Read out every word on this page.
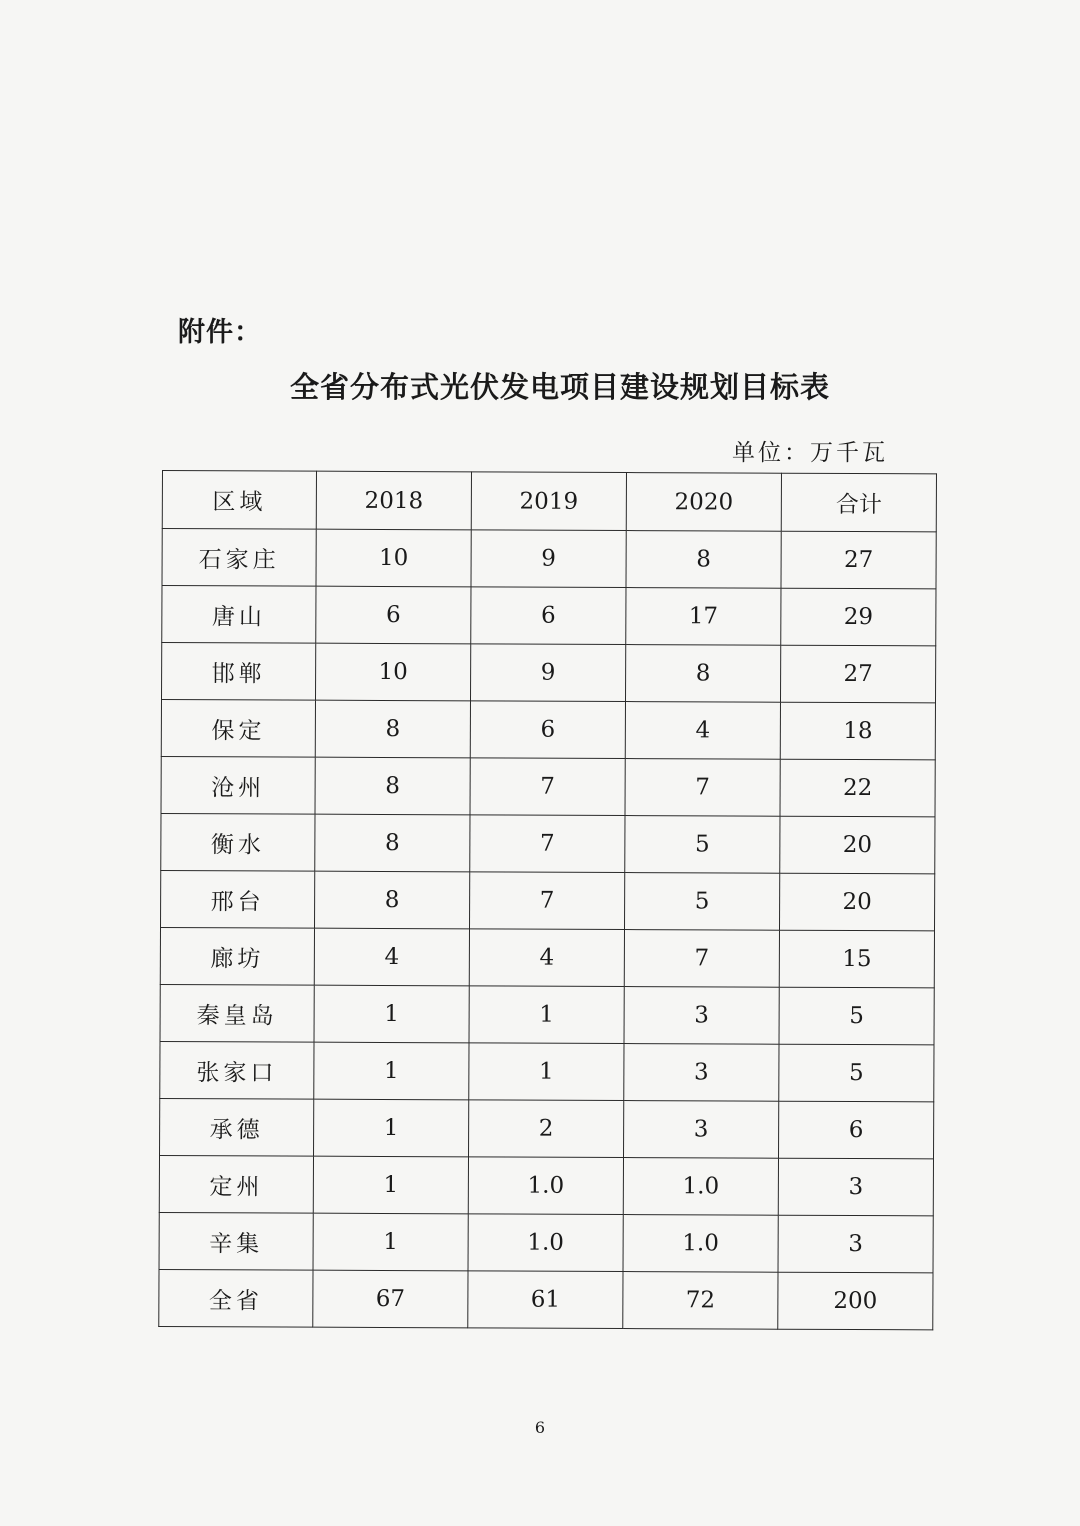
附件：
全省分布式光伏发电项目建设规划目标表
单位：万千瓦
区域	2018	2019	2020	合计
石家庄	10	9	8	27
唐山	6	6	17	29
邯郸	10	9	8	27
保定	8	6	4	18
沧州	8	7	7	22
衡水	8	7	5	20
邢台	8	7	5	20
廊坊	4	4	7	15
秦皇岛	1	1	3	5
张家口	1	1	3	5
承德	1	2	3	6
定州	1	1.0	1.0	3
辛集	1	1.0	1.0	3
全省	67	61	72	200
6
